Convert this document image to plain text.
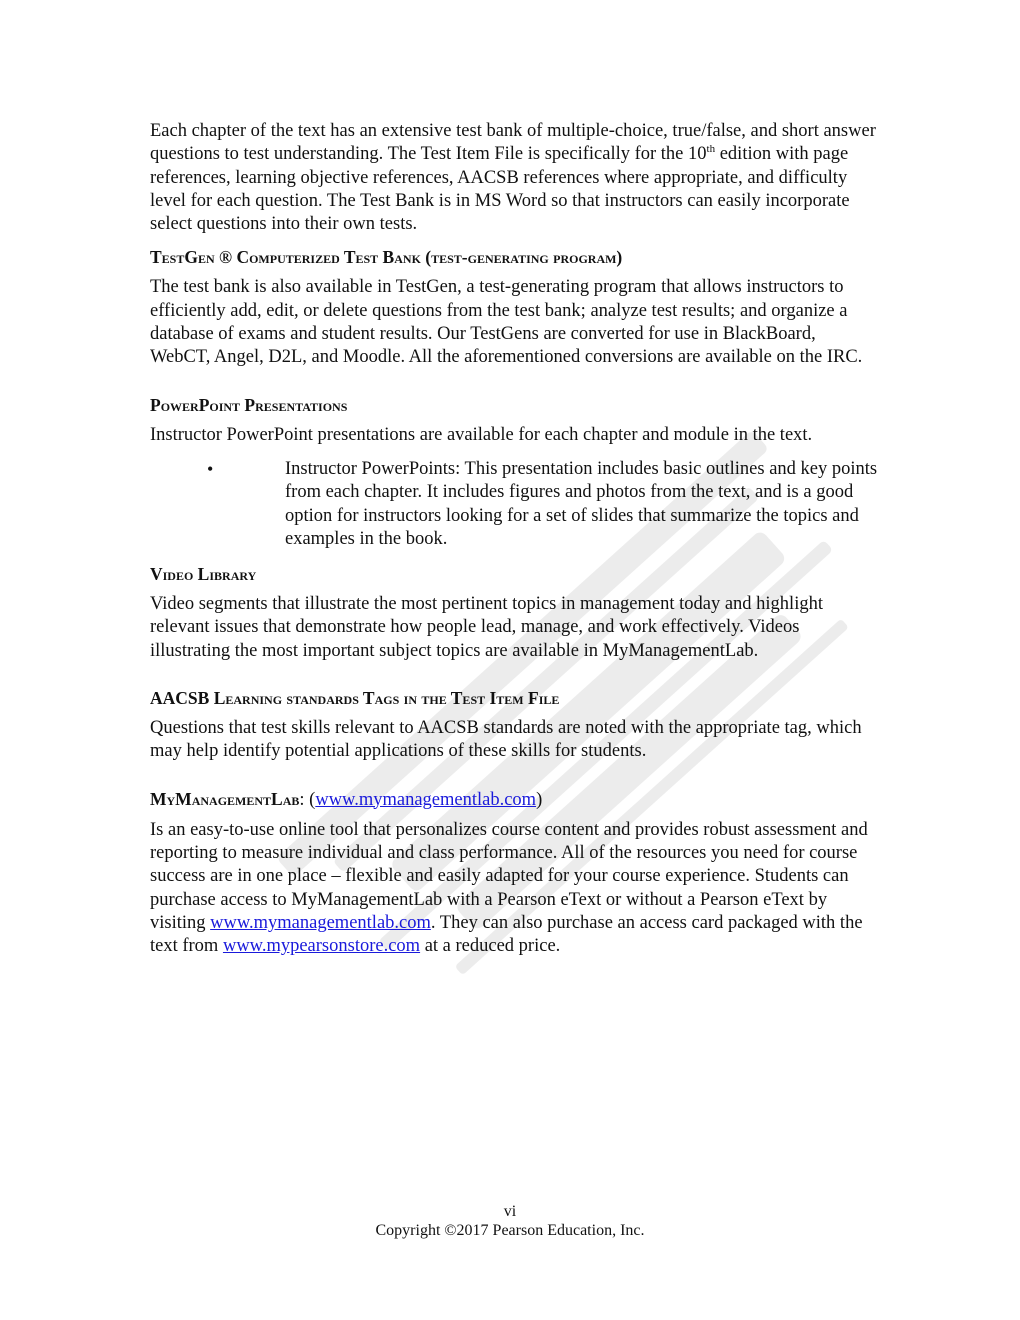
Each chapter of the text has an extensive test bank of multiple-choice, true/false, and short answer questions to test understanding. The Test Item File is specifically for the 10th edition with page references, learning objective references, AACSB references where appropriate, and difficulty level for each question. The Test Bank is in MS Word so that instructors can easily incorporate select questions into their own tests.

TestGen ® Computerized Test Bank (test-generating program)

The test bank is also available in TestGen, a test-generating program that allows instructors to efficiently add, edit, or delete questions from the test bank; analyze test results; and organize a database of exams and student results. Our TestGens are converted for use in BlackBoard, WebCT, Angel, D2L, and Moodle. All the aforementioned conversions are available on the IRC.

PowerPoint Presentations

Instructor PowerPoint presentations are available for each chapter and module in the text.

•	Instructor PowerPoints: This presentation includes basic outlines and key points from each chapter. It includes figures and photos from the text, and is a good option for instructors looking for a set of slides that summarize the topics and examples in the book.

Video Library

Video segments that illustrate the most pertinent topics in management today and highlight relevant issues that demonstrate how people lead, manage, and work effectively. Videos illustrating the most important subject topics are available in MyManagementLab.

AACSB Learning standards Tags in the Test Item File

Questions that test skills relevant to AACSB standards are noted with the appropriate tag, which may help identify potential applications of these skills for students.

MyManagementLab: (www.mymanagementlab.com)

Is an easy-to-use online tool that personalizes course content and provides robust assessment and reporting to measure individual and class performance. All of the resources you need for course success are in one place – flexible and easily adapted for your course experience. Students can purchase access to MyManagementLab with a Pearson eText or without a Pearson eText by visiting www.mymanagementlab.com. They can also purchase an access card packaged with the text from www.mypearsonstore.com at a reduced price.

vi
Copyright ©2017 Pearson Education, Inc.
